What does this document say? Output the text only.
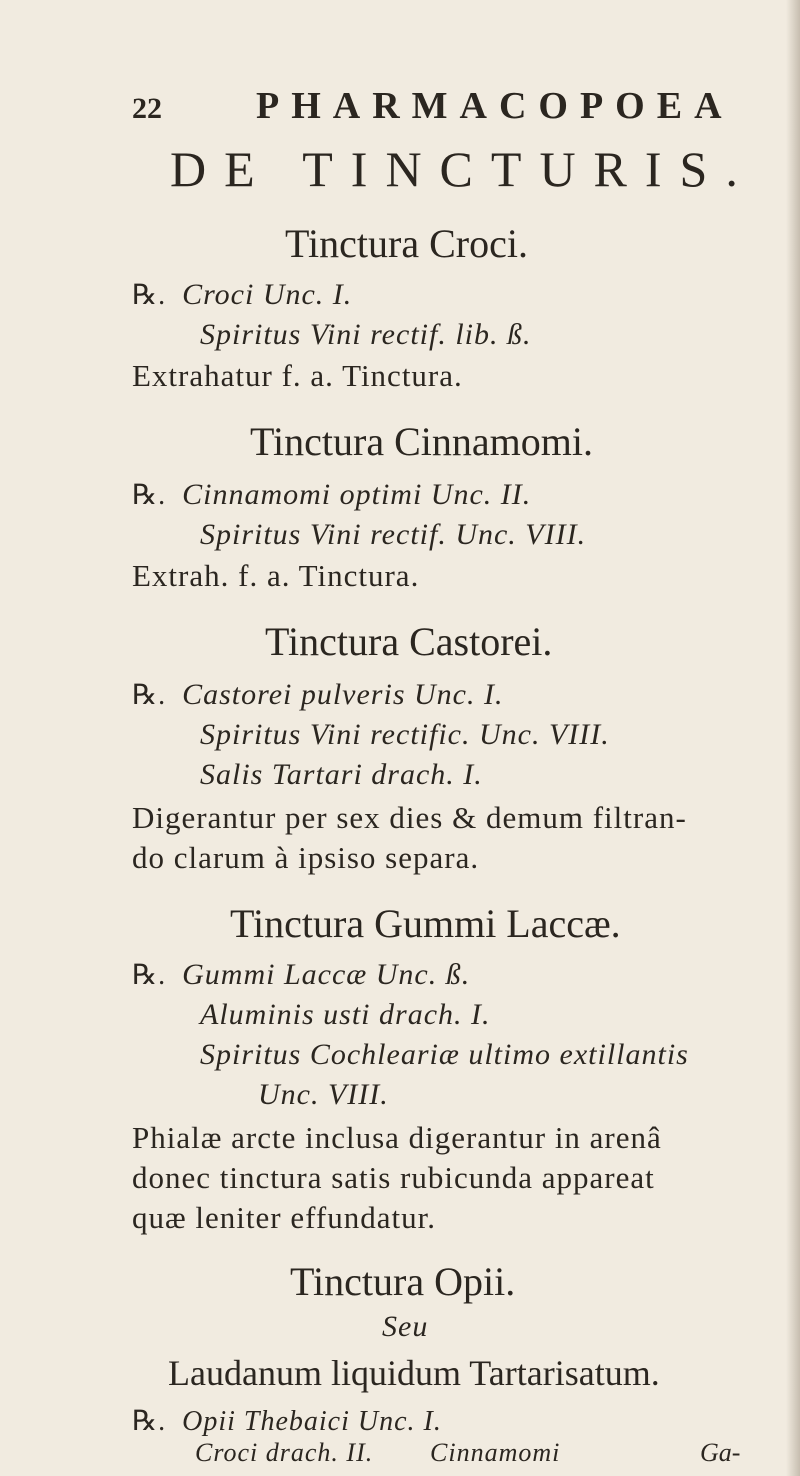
22 PHARMACOPOEA
DE TINCTURIS.
Tinctura Croci.
℞. Croci Unc. I.
Spiritus Vini rectif. lib. ß.
Extrahatur f. a. Tinctura.
Tinctura Cinnamomi.
℞. Cinnamomi optimi Unc. II.
Spiritus Vini rectif. Unc. VIII.
Extrah. f. a. Tinctura.
Tinctura Castorei.
℞. Castorei pulveris Unc. I.
Spiritus Vini rectific. Unc. VIII.
Salis Tartari drach. I.
Digerantur per sex dies & demum filtran-
do clarum à ipsiso separa.
Tinctura Gummi Laccæ.
℞. Gummi Laccæ Unc. ß.
Aluminis usti drach. I.
Spiritus Cochleariæ ultimo extillantis
Unc. VIII.
Phialæ arcte inclusa digerantur in arenâ
donec tinctura satis rubicunda appareat
quæ leniter effundatur.
Tinctura Opii.
Seu
Laudanum liquidum Tartarisatum.
℞. Opii Thebaici Unc. I.
Croci drach. II. Cinnamomi	Ga-
